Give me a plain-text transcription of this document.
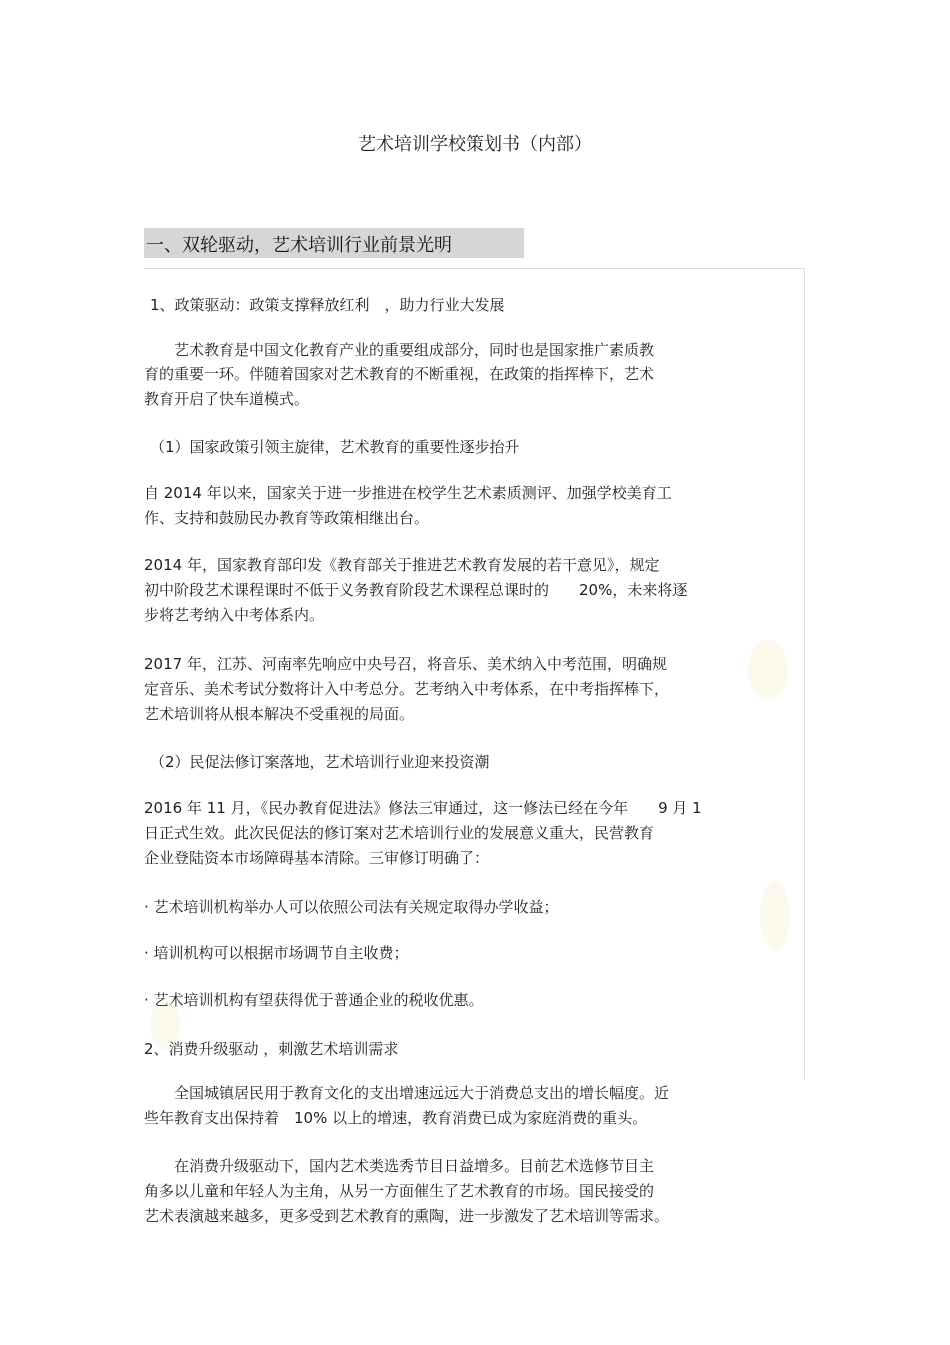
艺术培训学校策划书（内部）
一、双轮驱动，艺术培训行业前景光明
1、政策驱动：政策支撑释放红利　，助力行业大发展
　　艺术教育是中国文化教育产业的重要组成部分，同时也是国家推广素质教
育的重要一环。伴随着国家对艺术教育的不断重视，在政策的指挥棒下，艺术
教育开启了快车道模式。
（1）国家政策引领主旋律，艺术教育的重要性逐步抬升
自 2014 年以来，国家关于进一步推进在校学生艺术素质测评、加强学校美育工
作、支持和鼓励民办教育等政策相继出台。
2014 年，国家教育部印发《教育部关于推进艺术教育发展的若干意见》，规定
初中阶段艺术课程课时不低于义务教育阶段艺术课程总课时的　　20%，未来将逐
步将艺考纳入中考体系内。
2017 年，江苏、河南率先响应中央号召，将音乐、美术纳入中考范围，明确规
定音乐、美术考试分数将计入中考总分。艺考纳入中考体系，在中考指挥棒下，
艺术培训将从根本解决不受重视的局面。
（2）民促法修订案落地，艺术培训行业迎来投资潮
2016 年 11 月，《民办教育促进法》修法三审通过，这一修法已经在今年　　9 月 1
日正式生效。此次民促法的修订案对艺术培训行业的发展意义重大，民营教育
企业登陆资本市场障碍基本清除。三审修订明确了：
· 艺术培训机构举办人可以依照公司法有关规定取得办学收益；
· 培训机构可以根据市场调节自主收费；
· 艺术培训机构有望获得优于普通企业的税收优惠。
2、消费升级驱动 ，刺激艺术培训需求
　　全国城镇居民用于教育文化的支出增速远远大于消费总支出的增长幅度。近
些年教育支出保持着　10% 以上的增速，教育消费已成为家庭消费的重头。
　　在消费升级驱动下，国内艺术类选秀节目日益增多。目前艺术选修节目主
角多以儿童和年轻人为主角，从另一方面催生了艺术教育的市场。国民接受的
艺术表演越来越多，更多受到艺术教育的熏陶，进一步激发了艺术培训等需求。
